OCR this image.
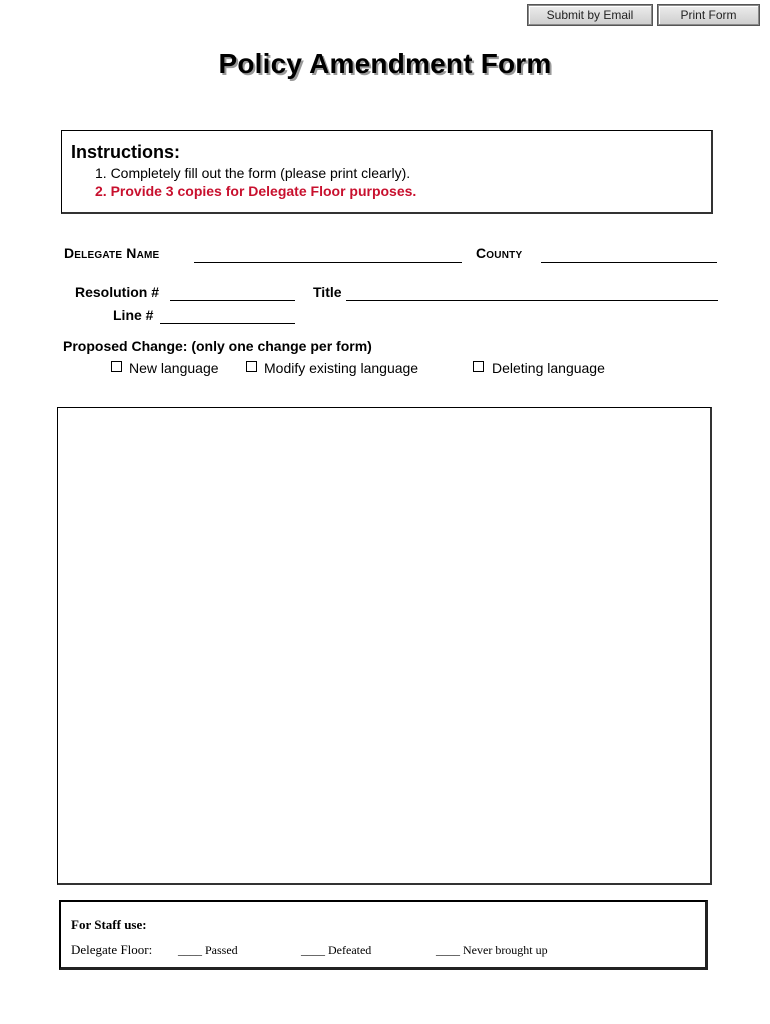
Submit by Email	Print Form
Policy Amendment Form
Instructions:
1. Completely fill out the form (please print clearly).
2. Provide 3 copies for Delegate Floor purposes.
Delegate Name	County
Resolution #	Title
Line #
Proposed Change: (only one change per form)
New language	Modify existing language	Deleting language
For Staff use:
Delegate Floor: ____ Passed	____ Defeated	____ Never brought up
